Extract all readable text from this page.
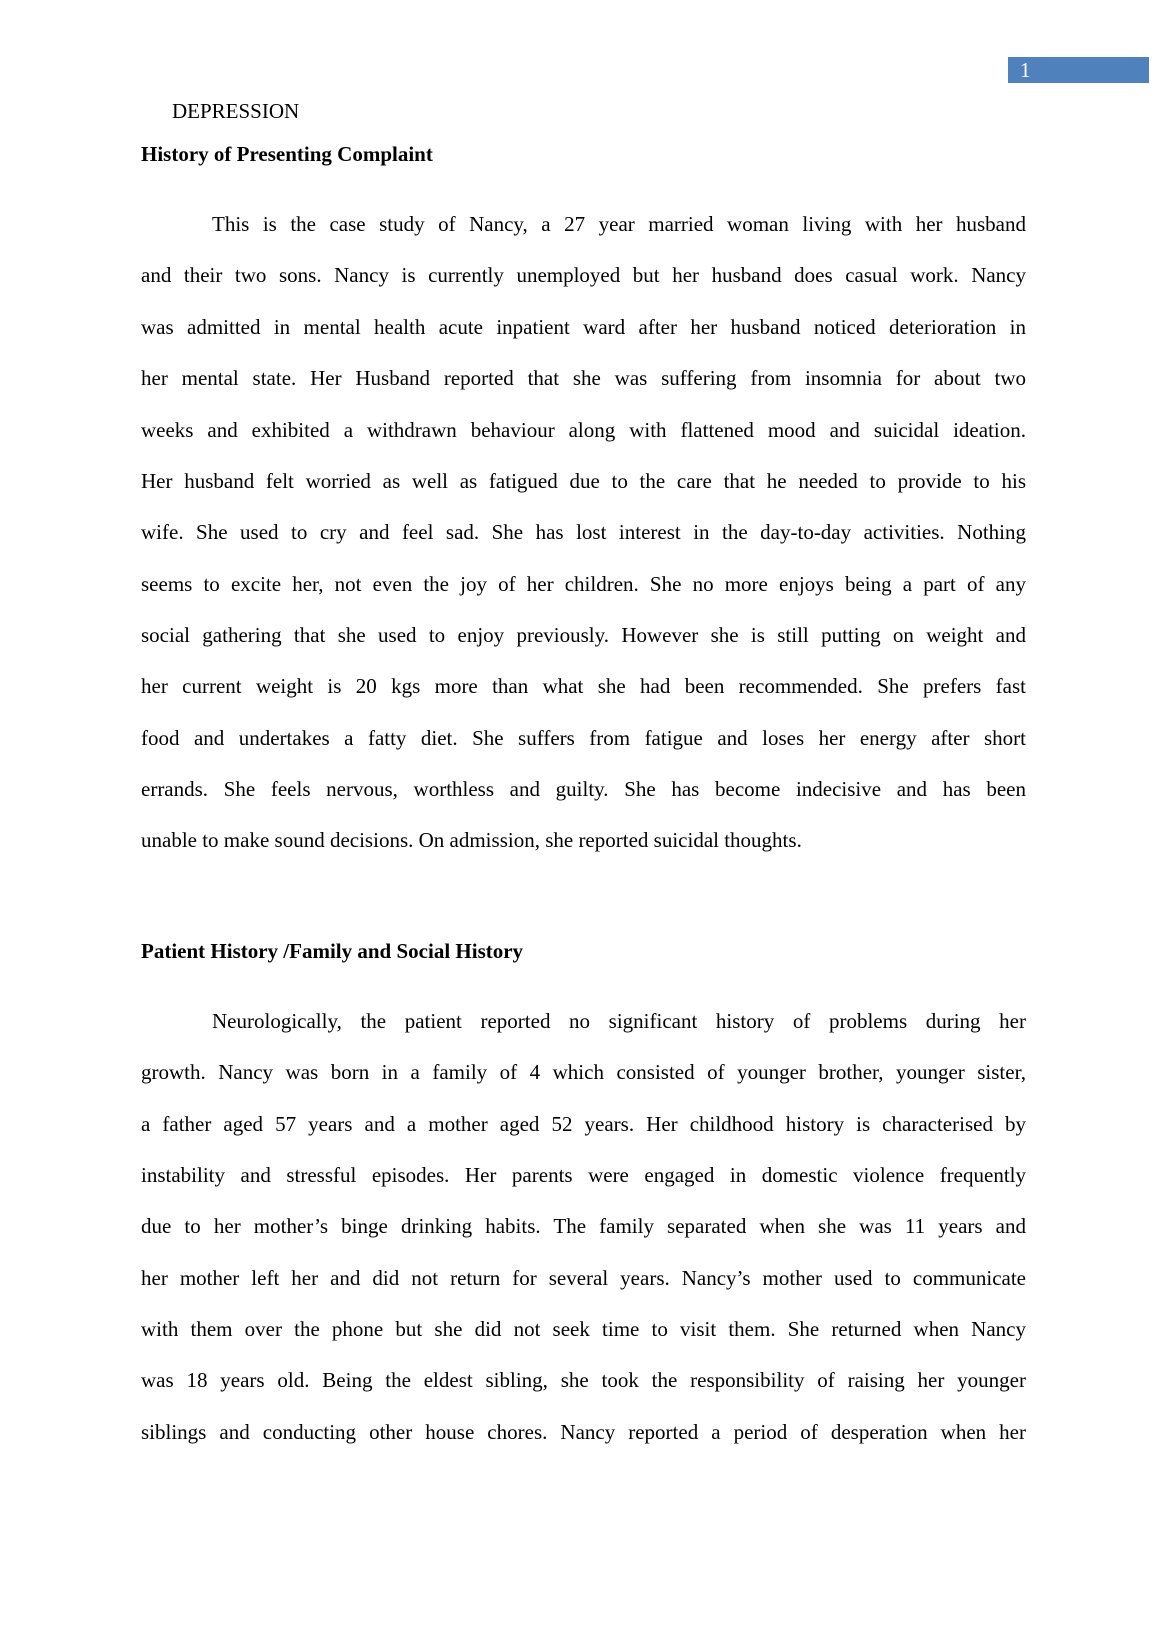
1
DEPRESSION
History of Presenting Complaint
This is the case study of Nancy, a 27 year married woman living with her husband
and their two sons. Nancy is currently unemployed but her husband does casual work. Nancy
was admitted in mental health acute inpatient ward after her husband noticed deterioration in
her mental state. Her Husband reported that she was suffering from insomnia for about two
weeks and exhibited a withdrawn behaviour along with flattened mood and suicidal ideation.
Her husband felt worried as well as fatigued due to the care that he needed to provide to his
wife. She used to cry and feel sad. She has lost interest in the day-to-day activities. Nothing
seems to excite her, not even the joy of her children. She no more enjoys being a part of any
social gathering that she used to enjoy previously. However she is still putting on weight and
her current weight is 20 kgs more than what she had been recommended. She prefers fast
food and undertakes a fatty diet. She suffers from fatigue and loses her energy after short
errands. She feels nervous, worthless and guilty. She has become indecisive and has been
unable to make sound decisions. On admission, she reported suicidal thoughts.
Patient History /Family and Social History
Neurologically, the patient reported no significant history of problems during her
growth. Nancy was born in a family of 4 which consisted of younger brother, younger sister,
a father aged 57 years and a mother aged 52 years. Her childhood history is characterised by
instability and stressful episodes. Her parents were engaged in domestic violence frequently
due to her mother’s binge drinking habits. The family separated when she was 11 years and
her mother left her and did not return for several years. Nancy’s mother used to communicate
with them over the phone but she did not seek time to visit them. She returned when Nancy
was 18 years old. Being the eldest sibling, she took the responsibility of raising her younger
siblings and conducting other house chores. Nancy reported a period of desperation when her
